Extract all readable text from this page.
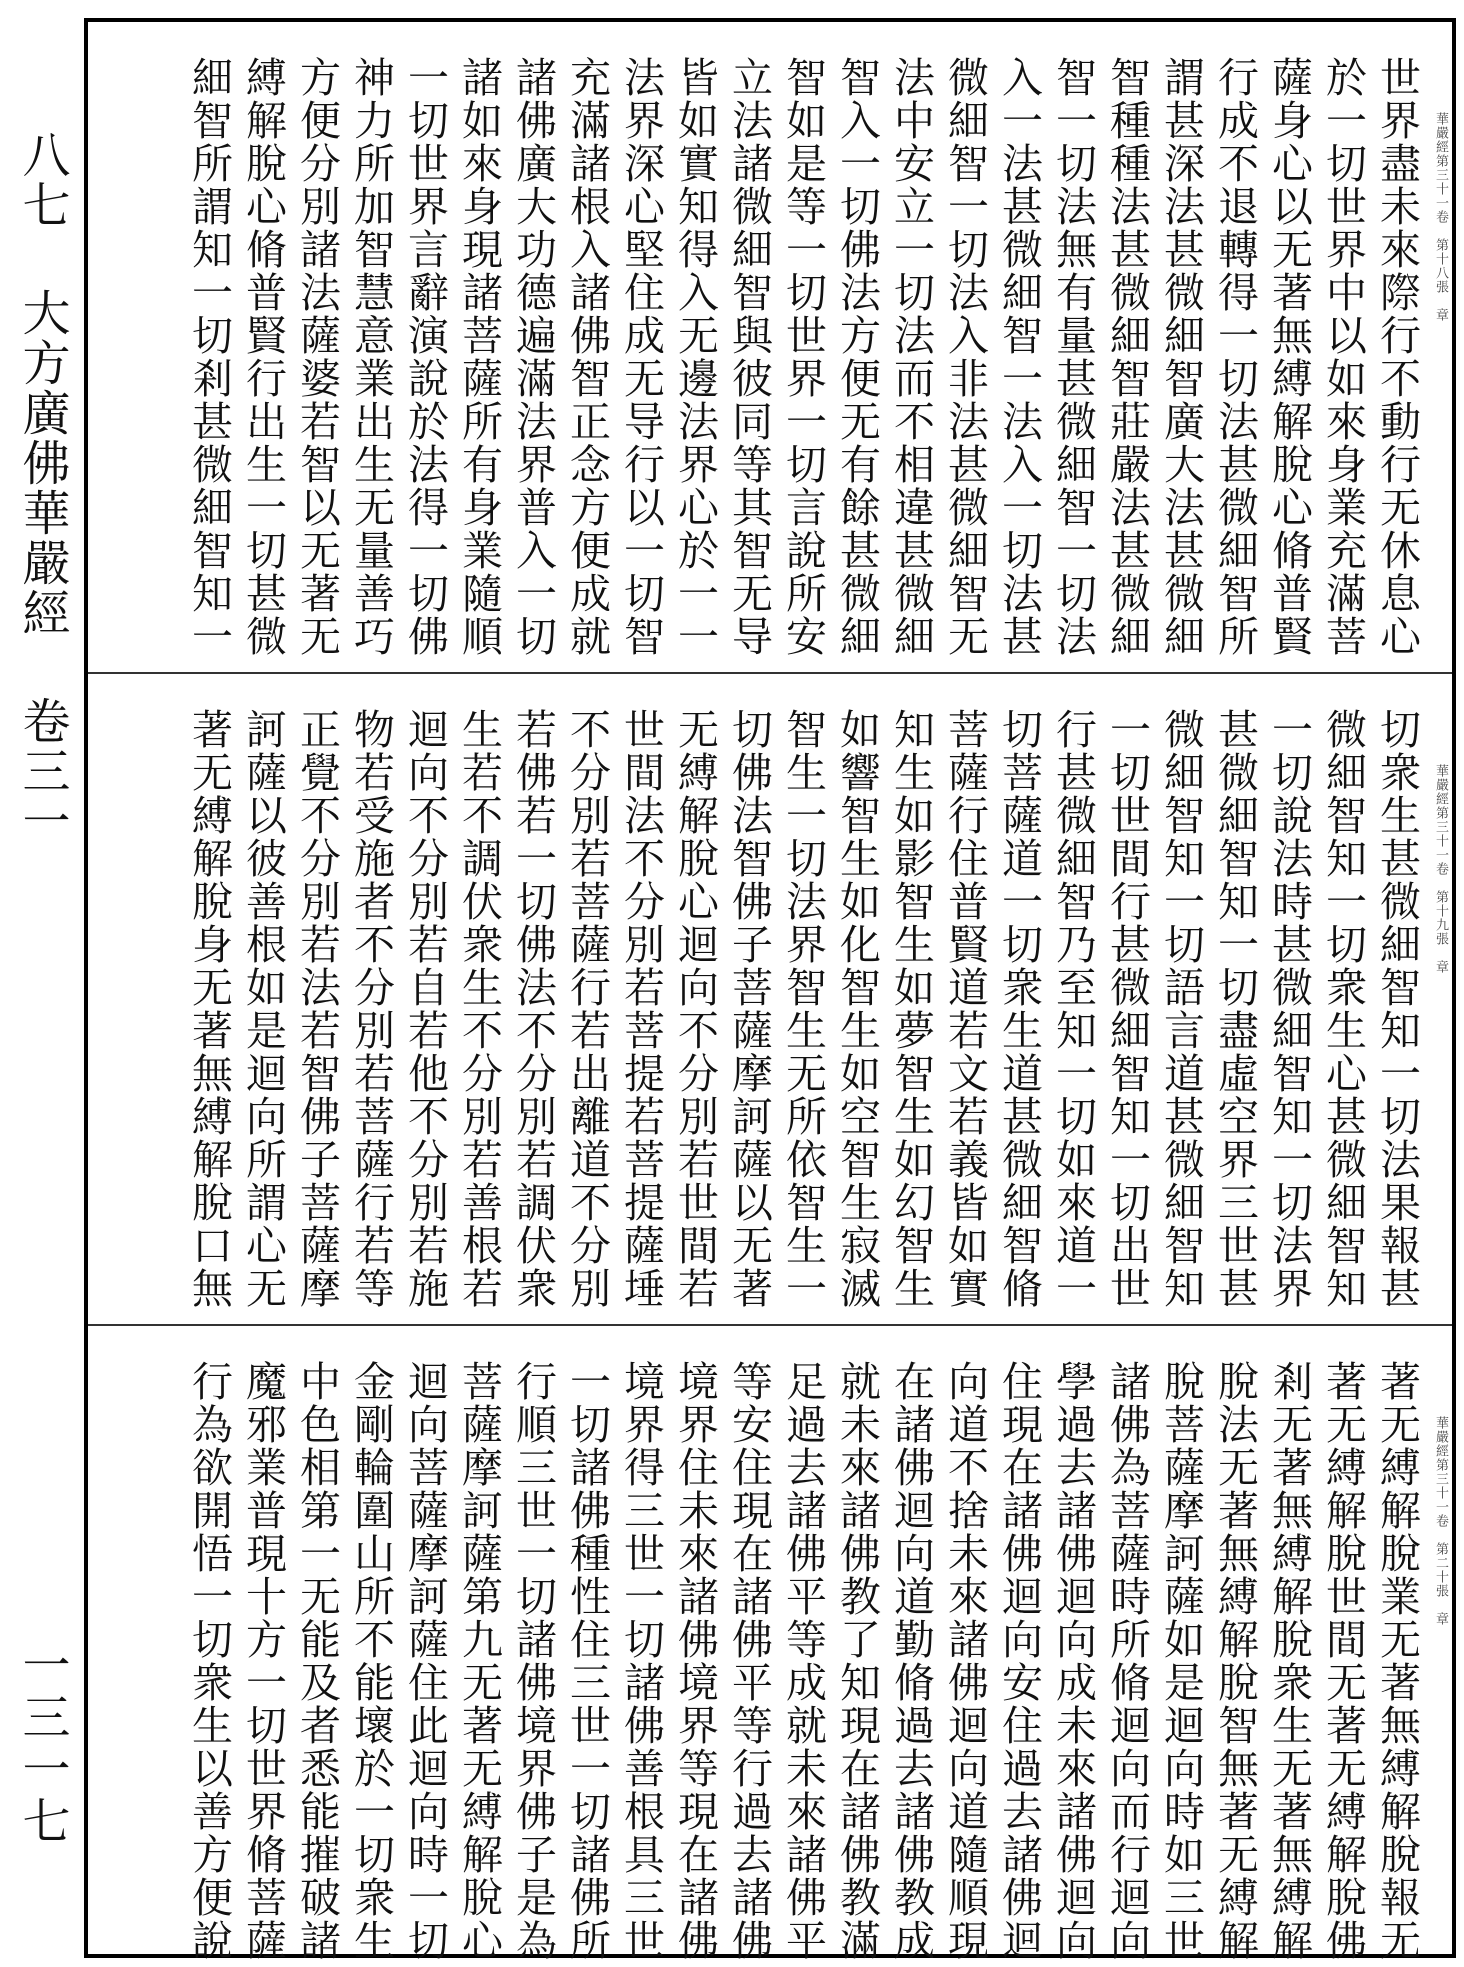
八七 大方廣佛華嚴經 卷三一
一三一七
華嚴經第三十一卷　第十八張　章
世界盡未來際行不動行无休息心
於一切世界中以如來身業充滿菩
薩身心以无著無縛解脫心脩普賢
行成不退轉得一切法甚微細智所
謂甚深法甚微細智廣大法甚微細
智種種法甚微細智莊嚴法甚微細
智一切法無有量甚微細智一切法
入一法甚微細智一法入一切法甚
微細智一切法入非法甚微細智无
法中安立一切法而不相違甚微細
智入一切佛法方便无有餘甚微細
智如是等一切世界一切言說所安
立法諸微細智與彼同等其智无导
皆如實知得入无邊法界心於一一
法界深心堅住成无导行以一切智
充滿諸根入諸佛智正念方便成就
諸佛廣大功德遍滿法界普入一切
諸如來身現諸菩薩所有身業隨順
一切世界言辭演說於法得一切佛
神力所加智慧意業出生无量善巧
方便分別諸法薩婆若智以无著无
縛解脫心脩普賢行出生一切甚微
細智所謂知一切剎甚微細智知一
華嚴經第三十一卷　第十九張　章
切衆生甚微細智知一切法果報甚
微細智知一切衆生心甚微細智知
一切說法時甚微細智知一切法界
甚微細智知一切盡虛空界三世甚
微細智知一切語言道甚微細智知
一切世間行甚微細智知一切出世
行甚微細智乃至知一切如來道一
切菩薩道一切衆生道甚微細智脩
菩薩行住普賢道若文若義皆如實
知生如影智生如夢智生如幻智生
如響智生如化智生如空智生寂滅
智生一切法界智生无所依智生一
切佛法智佛子菩薩摩訶薩以无著
无縛解脫心迴向不分別若世間若
世間法不分別若菩提若菩提薩埵
不分別若菩薩行若出離道不分別
若佛若一切佛法不分別若調伏衆
生若不調伏衆生不分別若善根若
迴向不分別若自若他不分別若施
物若受施者不分別若菩薩行若等
正覺不分別若法若智佛子菩薩摩
訶薩以彼善根如是迴向所謂心无
著无縛解脫身无著無縛解脫口無
華嚴經第三十一卷　第二十張　章
著无縛解脫業无著無縛解脫報无
著无縛解脫世間无著无縛解脫佛
剎无著無縛解脫衆生无著無縛解
脫法无著無縛解脫智無著无縛解
脫菩薩摩訶薩如是迴向時如三世
諸佛為菩薩時所脩迴向而行迴向
學過去諸佛迴向成未來諸佛迴向
住現在諸佛迴向安住過去諸佛迴
向道不捨未來諸佛迴向道隨順現
在諸佛迴向道勤脩過去諸佛教成
就未來諸佛教了知現在諸佛教滿
足過去諸佛平等成就未來諸佛平
等安住現在諸佛平等行過去諸佛
境界住未來諸佛境界等現在諸佛
境界得三世一切諸佛善根具三世
一切諸佛種性住三世一切諸佛所
行順三世一切諸佛境界佛子是為
菩薩摩訶薩第九无著无縛解脫心
迴向菩薩摩訶薩住此迴向時一切
金剛輪圍山所不能壞於一切衆生
中色相第一无能及者悉能摧破諸
魔邪業普現十方一切世界脩菩薩
行為欲開悟一切衆生以善方便說
